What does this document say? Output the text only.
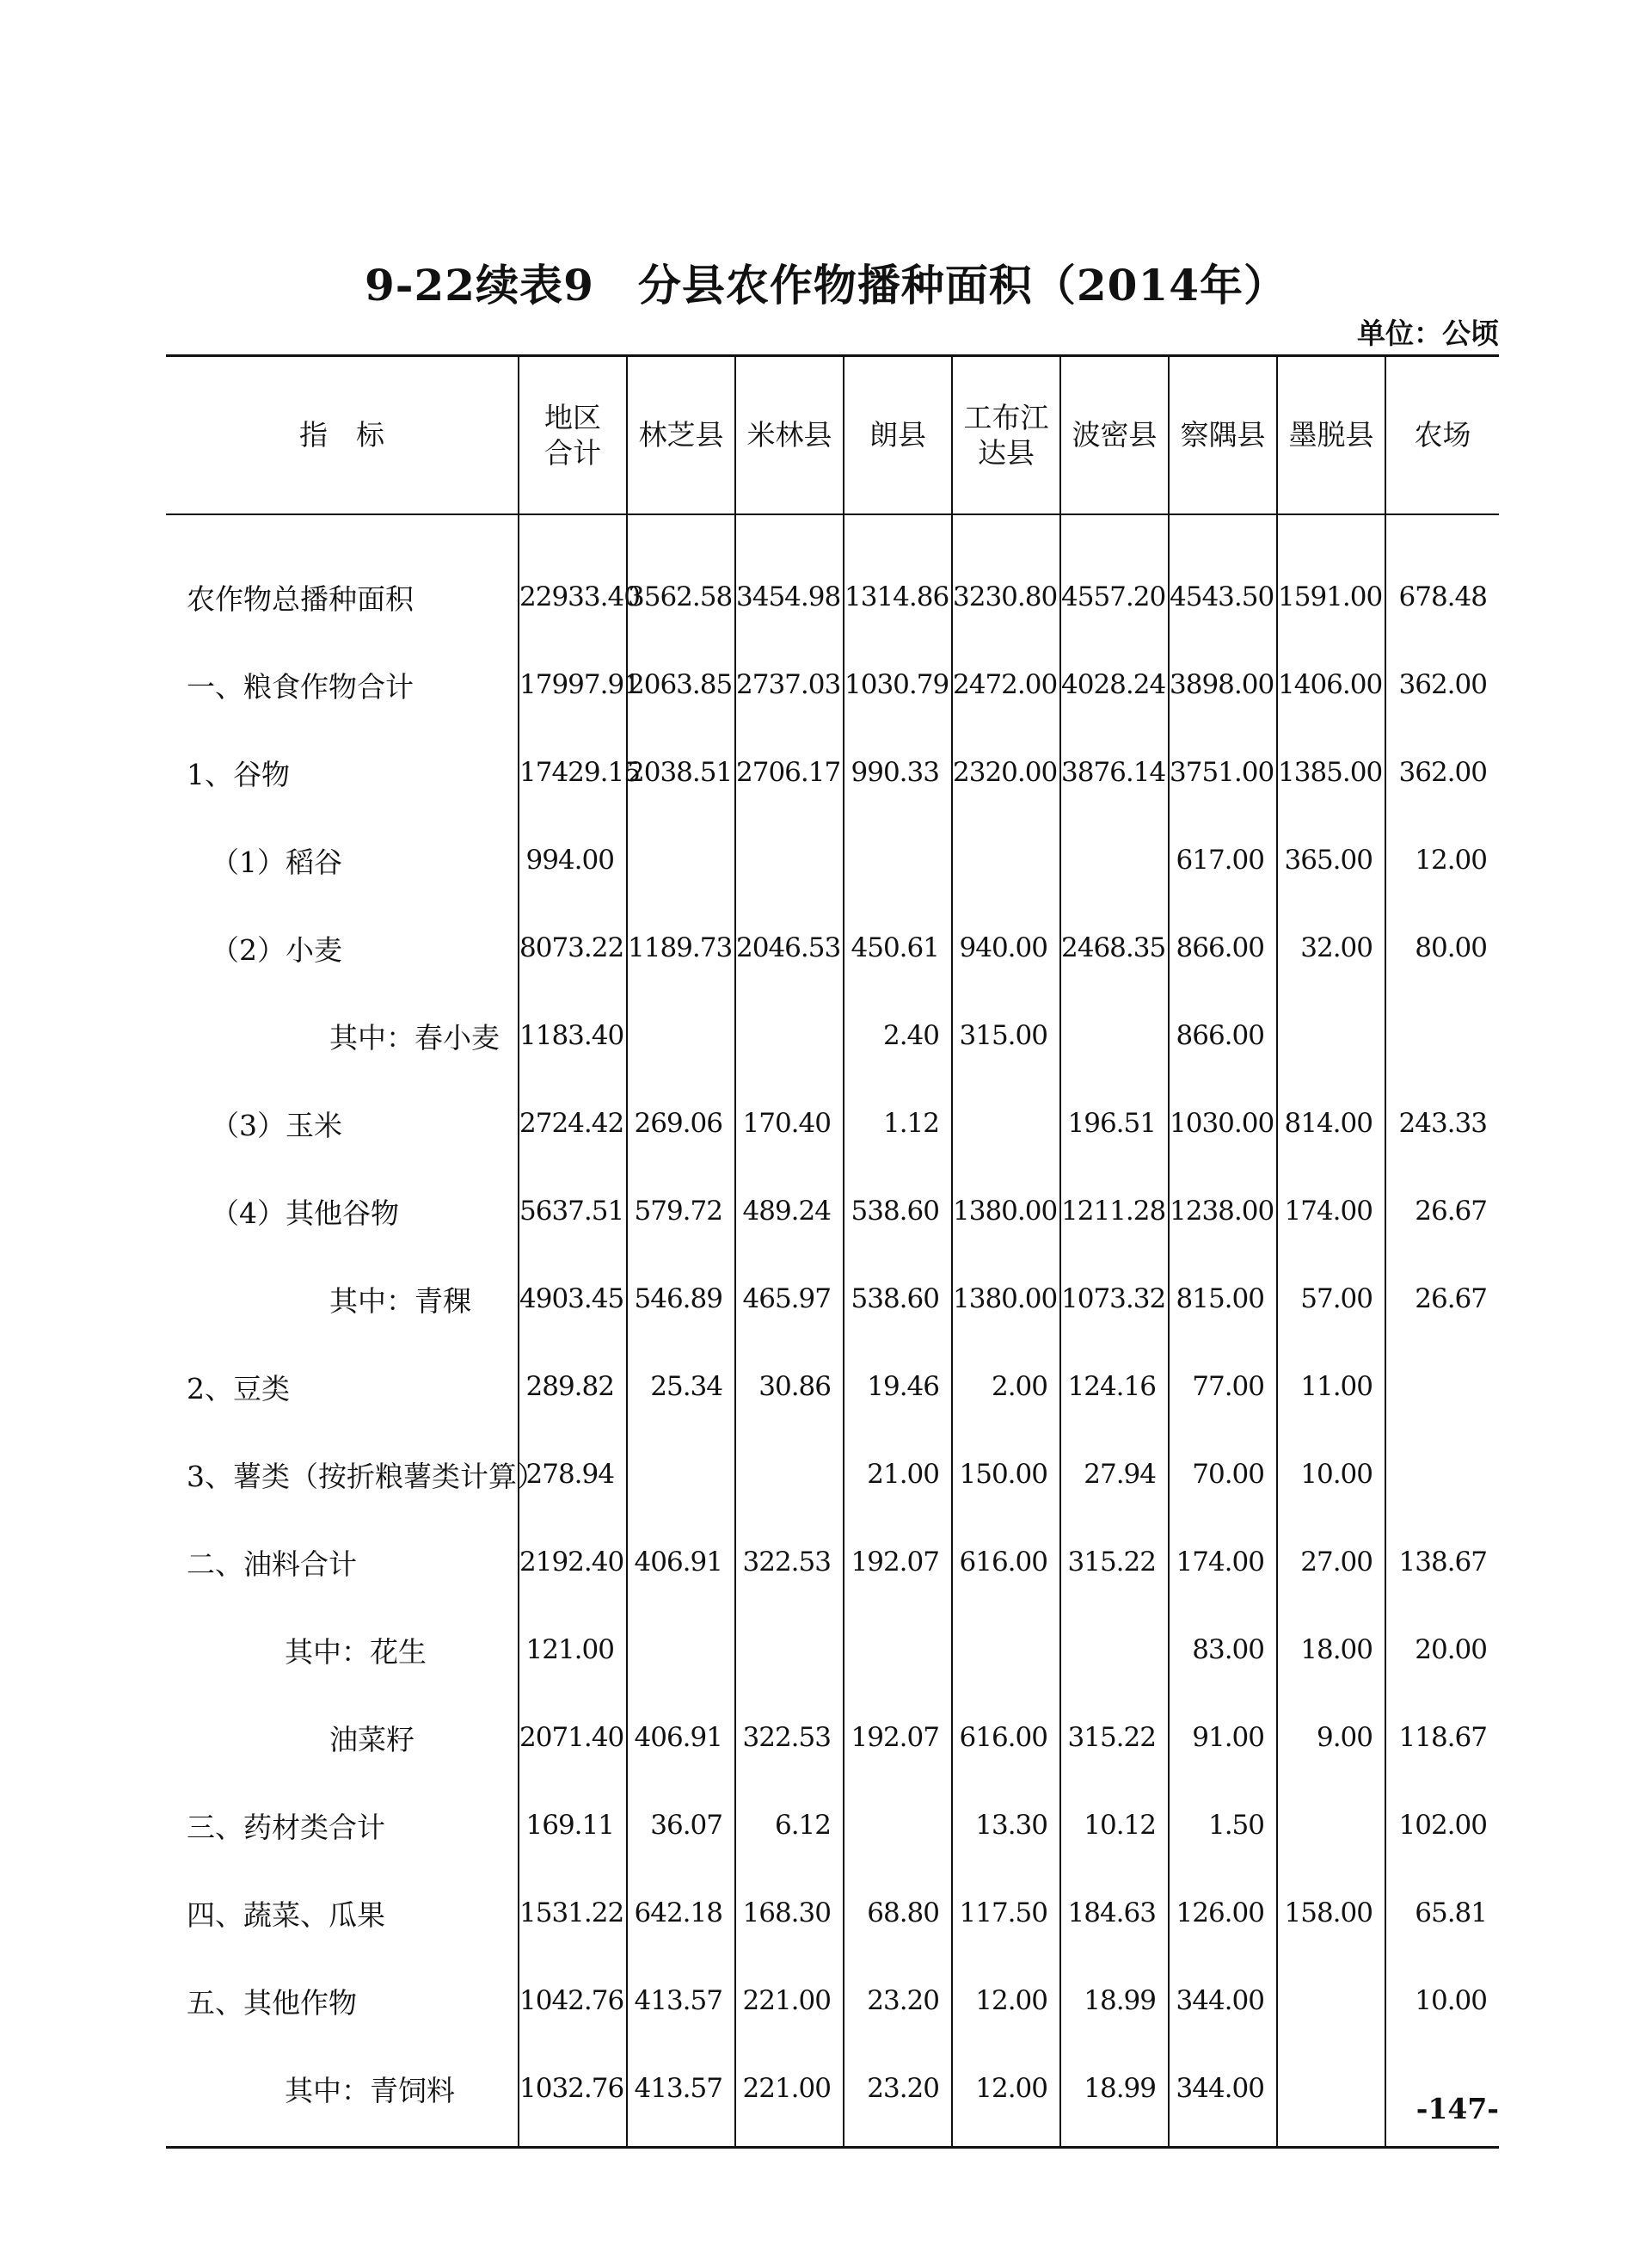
9-22续表9　分县农作物播种面积（2014年）
单位：公顷
指　标	地区合计	林芝县	米林县	朗县	工布江达县	波密县	察隅县	墨脱县	农场
农作物总播种面积	22933.40	3562.58	3454.98	1314.86	3230.80	4557.20	4543.50	1591.00	678.48
一、粮食作物合计	17997.91	2063.85	2737.03	1030.79	2472.00	4028.24	3898.00	1406.00	362.00
1、谷物	17429.15	2038.51	2706.17	990.33	2320.00	3876.14	3751.00	1385.00	362.00
（1）稻谷	994.00						617.00	365.00	12.00
（2）小麦	8073.22	1189.73	2046.53	450.61	940.00	2468.35	866.00	32.00	80.00
其中：春小麦	1183.40			2.40	315.00		866.00		
（3）玉米	2724.42	269.06	170.40	1.12		196.51	1030.00	814.00	243.33
（4）其他谷物	5637.51	579.72	489.24	538.60	1380.00	1211.28	1238.00	174.00	26.67
其中：青稞	4903.45	546.89	465.97	538.60	1380.00	1073.32	815.00	57.00	26.67
2、豆类	289.82	25.34	30.86	19.46	2.00	124.16	77.00	11.00	
3、薯类（按折粮薯类计算）	278.94			21.00	150.00	27.94	70.00	10.00	
二、油料合计	2192.40	406.91	322.53	192.07	616.00	315.22	174.00	27.00	138.67
其中：花生	121.00						83.00	18.00	20.00
油菜籽	2071.40	406.91	322.53	192.07	616.00	315.22	91.00	9.00	118.67
三、药材类合计	169.11	36.07	6.12		13.30	10.12	1.50		102.00
四、蔬菜、瓜果	1531.22	642.18	168.30	68.80	117.50	184.63	126.00	158.00	65.81
五、其他作物	1042.76	413.57	221.00	23.20	12.00	18.99	344.00		10.00
其中：青饲料	1032.76	413.57	221.00	23.20	12.00	18.99	344.00		
-147-
